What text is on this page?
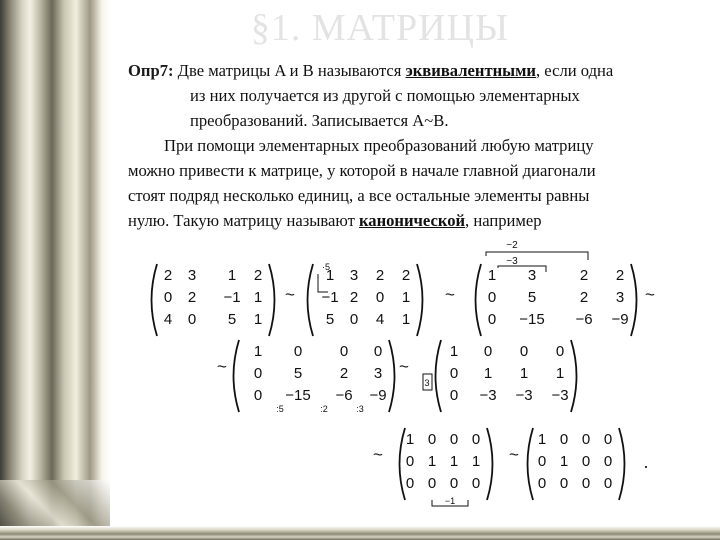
§1. МАТРИЦЫ
Опр7: Две матрицы A и B называются эквивалентными, если одна
из них получается из другой с помощью элементарных
преобразований. Записывается A~B.
При помощи элементарных преобразований любую матрицу
можно привести к матрице, у которой в начале главной диагонали
стоят подряд несколько единиц, а все остальные элементы равны
нулю. Такую матрицу называют канонической, например
2 3 1 2
0 2 −1 1
4 0 5 1
~
1 3 2 2
−1 2 0 1
5 0 4 1
~
1 3	2 2
0 5	2 3
0 −15 −6 −9
~
·5
−2
−3
~
1 0	0 0
0 5	2 3
0 −15 −6 −9
~
1 0 0 0
0 1 1 1
0 −3 −3 −3
:5	:2	:3
3
~
1 0 0 0
0 1 1 1
0 0 0 0
~
1 0 0 0
0 1 0 0
0 0 0 0
.
−1
